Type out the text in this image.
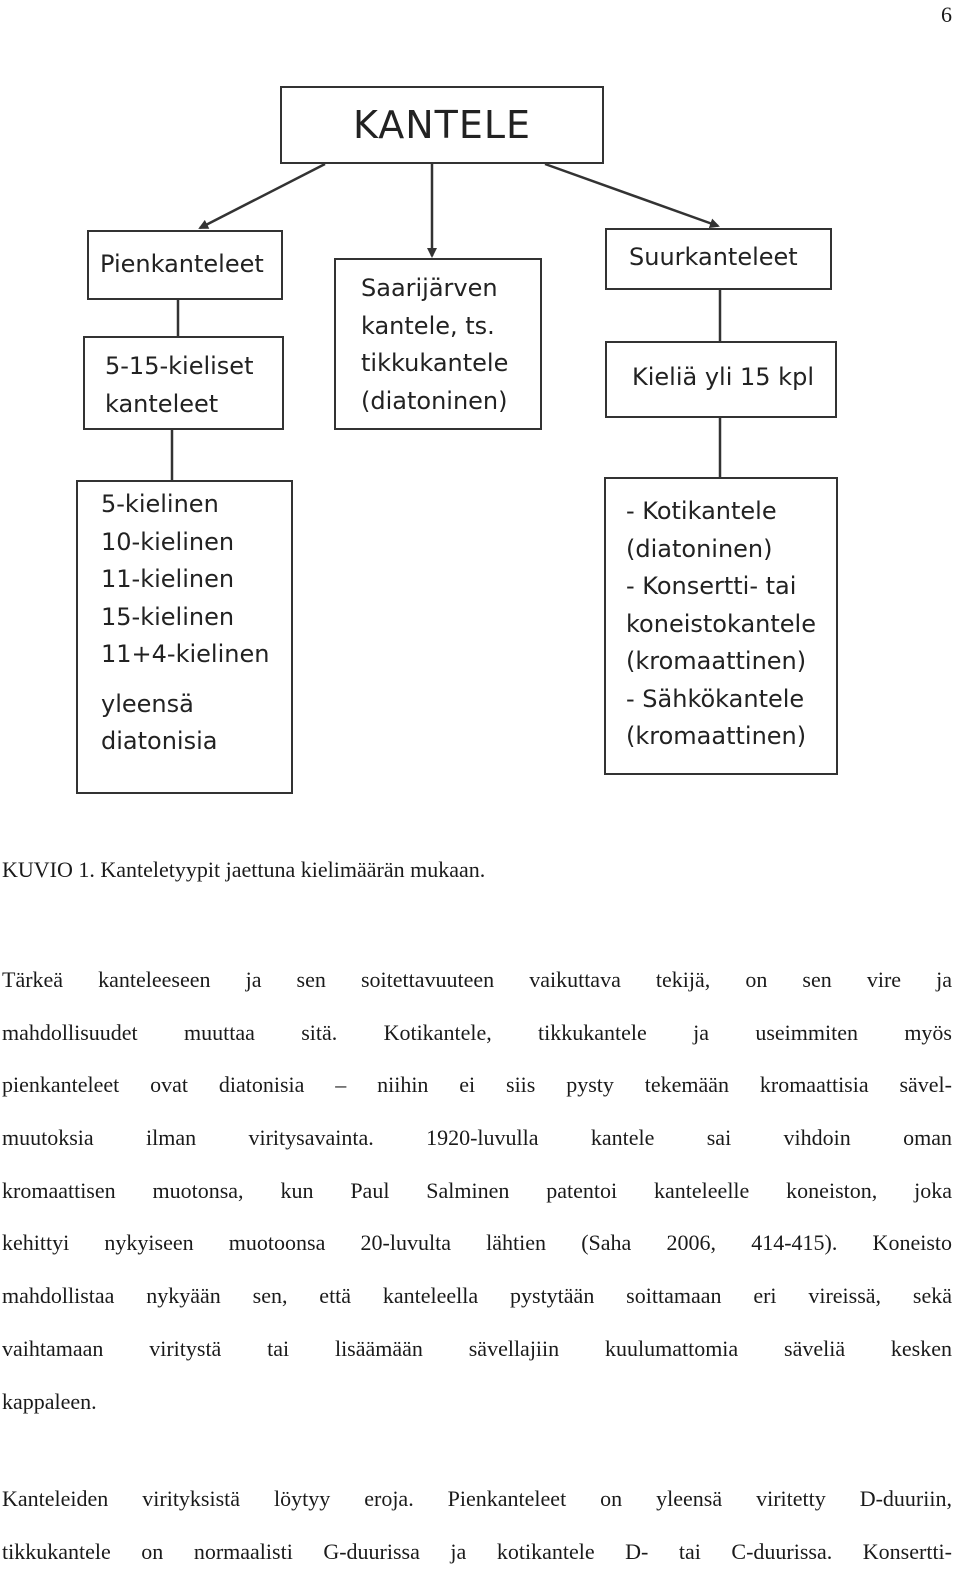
6
KANTELE
Pienkanteleet
Saarijärven
kantele, ts.
tikkukantele
(diatoninen)
Suurkanteleet
5-15-kieliset
kanteleet
Kieliä yli 15 kpl
5-kielinen
10-kielinen
11-kielinen
15-kielinen
11+4-kielinen
yleensä
diatonisia
- Kotikantele
(diatoninen)
- Konsertti- tai
koneistokantele
(kromaattinen)
- Sähkökantele
(kromaattinen)
KUVIO 1. Kanteletyypit jaettuna kielimäärän mukaan.
Tärkeä kanteleeseen ja sen soitettavuuteen vaikuttava tekijä, on sen vire ja
mahdollisuudet muuttaa sitä. Kotikantele, tikkukantele ja useimmiten myös
pienkanteleet ovat diatonisia – niihin ei siis pysty tekemään kromaattisia sävel-
muutoksia ilman viritysavainta. 1920-luvulla kantele sai vihdoin oman
kromaattisen muotonsa, kun Paul Salminen patentoi kanteleelle koneiston, joka
kehittyi nykyiseen muotoonsa 20-luvulta lähtien (Saha 2006, 414-415). Koneisto
mahdollistaa nykyään sen, että kanteleella pystytään soittamaan eri vireissä, sekä
vaihtamaan viritystä tai lisäämään sävellajiin kuulumattomia säveliä kesken
kappaleen.
Kanteleiden virityksistä löytyy eroja. Pienkanteleet on yleensä viritetty D-duuriin,
tikkukantele on normaalisti G-duurissa ja kotikantele D- tai C-duurissa. Konsertti-
